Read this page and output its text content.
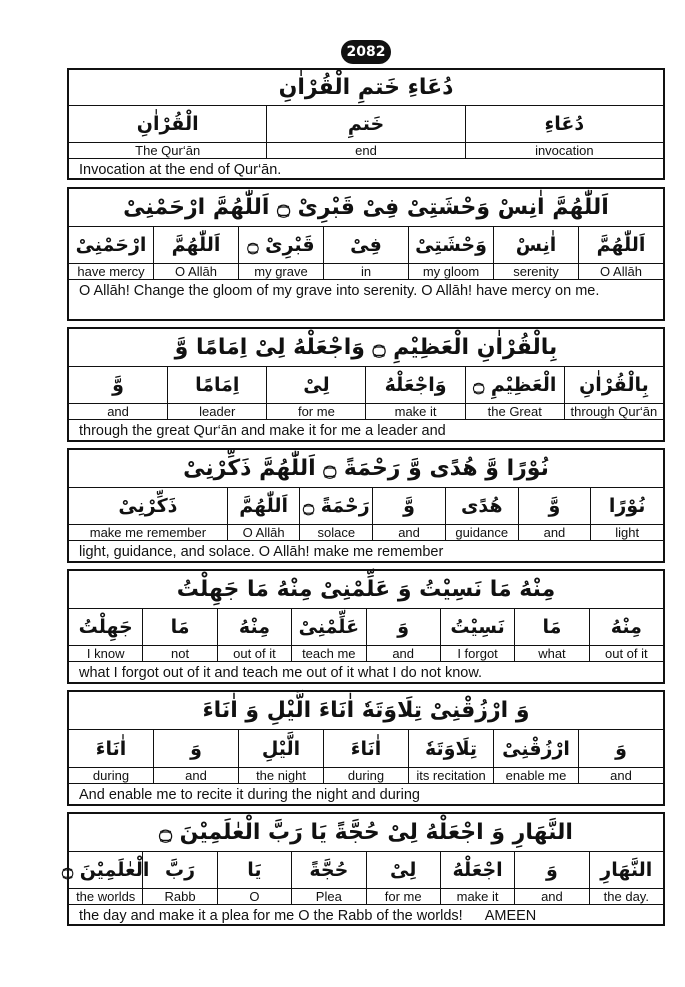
2082
دُعَاءِ خَتمِ الْقُرْاٰنِ
دُعَاءِ
invocation
خَتمِ
end
الْقُرْاٰنِ
The Qur‘ān
Invocation at the end of Qur‘ān.
اَللّٰهُمَّ اٰنِسْ وَحْشَتِىْ فِىْ قَبْرِىْ ۝ اَللّٰهُمَّ ارْحَمْنِىْ
اَللّٰهُمَّ
O Allāh
اٰنِسْ
serenity
وَحْشَتِىْ
my gloom
فِىْ
in
قَبْرِىْ ۝
my grave
اَللّٰهُمَّ
O Allāh
ارْحَمْنِىْ
have mercy
O Allāh! Change the gloom of my grave into serenity. O Allāh! have mercy on me.
بِالْقُرْاٰنِ الْعَظِيْمِ ۝ وَاجْعَلْهُ لِىْ اِمَامًا وَّ
بِالْقُرْاٰنِ
through Qur‘ān
الْعَظِيْمِ ۝
the Great
وَاجْعَلْهُ
make it
لِىْ
for me
اِمَامًا
leader
وَّ
and
through the great Qur‘ān and make it for me a leader and
نُوْرًا وَّ هُدًى وَّ رَحْمَةً ۝ اَللّٰهُمَّ ذَكِّرْنِىْ
نُوْرًا
light
وَّ
and
هُدًى
guidance
وَّ
and
رَحْمَةً ۝
solace
اَللّٰهُمَّ
O Allāh
ذَكِّرْنِىْ
make me remember
light, guidance, and solace. O Allāh! make me remember
مِنْهُ مَا نَسِيْتُ وَ عَلِّمْنِىْ مِنْهُ مَا جَهِلْتُ
مِنْهُ
out of it
مَا
what
نَسِيْتُ
I forgot
وَ
and
عَلِّمْنِىْ
teach me
مِنْهُ
out of it
مَا
not
جَهِلْتُ
I know
what I forgot out of it and teach me out of it what I do not know.
وَ ارْزُقْنِىْ تِلَاوَتَهٗ اٰنَاءَ الَّيْلِ وَ اٰنَاءَ
وَ
and
ارْزُقْنِىْ
enable me
تِلَاوَتَهٗ
its recitation
اٰنَاءَ
during
الَّيْلِ
the night
وَ
and
اٰنَاءَ
during
And enable me to recite it during the night and during
النَّهَارِ وَ اجْعَلْهُ لِىْ حُجَّةً يَا رَبَّ الْعٰلَمِيْنَ ۝
النَّهَارِ
the day.
وَ
and
اجْعَلْهُ
make it
لِىْ
for me
حُجَّةً
Plea
يَا
O
رَبَّ
Rabb
الْعٰلَمِيْنَ ۝
the worlds
the day and make it a plea for me O the Rabb of the worlds! AMEEN
